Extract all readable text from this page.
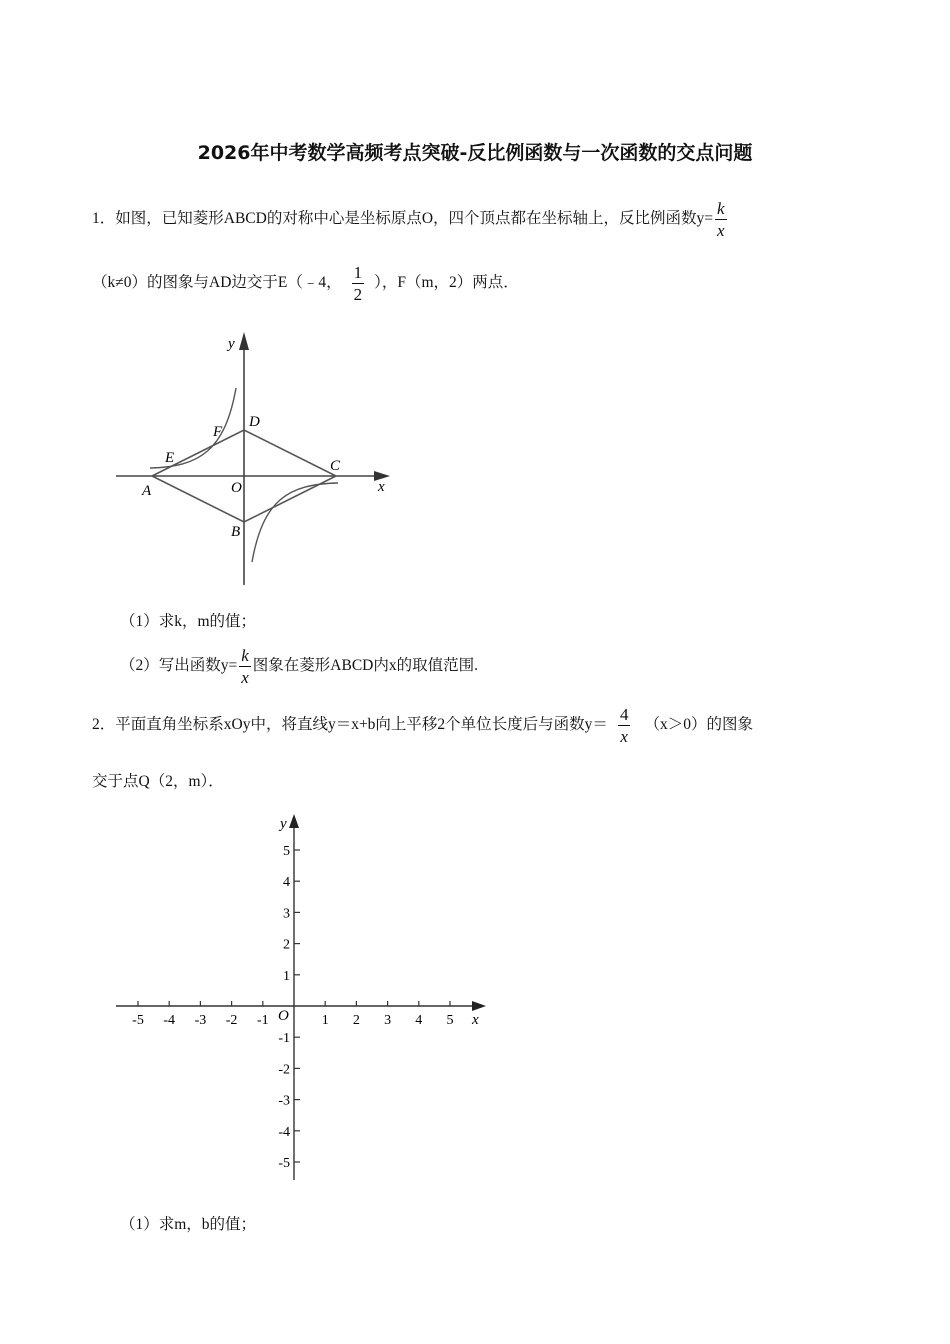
2026年中考数学高频考点突破-反比例函数与一次函数的交点问题
1．如图，已知菱形ABCD的对称中心是坐标原点O，四个顶点都在坐标轴上，反比例函数$y= \frac{k}{x}$
（k≠0）的图象与AD边交于E（﹣4， $\frac{1}{2}$ ），F（m，2）两点．
y
x
D
F
E
A	O
C
B
（1）求k，m的值；
（2）写出函数$y= \frac{k}{x}$ 图象在菱形ABCD内x的取值范围.
2．平面直角坐标系xOy中，将直线y＝x+b向上平移2个单位长度后与函数$y= \frac{4}{x} (x>0)$的图象
交于点Q（2，m）．
-5 -4 -3 -2 -1	1 2 3 4 5
5
4
3
2
1
-1
-2
-3
-4
-5
y
x
O
（1）求m，b的值；
